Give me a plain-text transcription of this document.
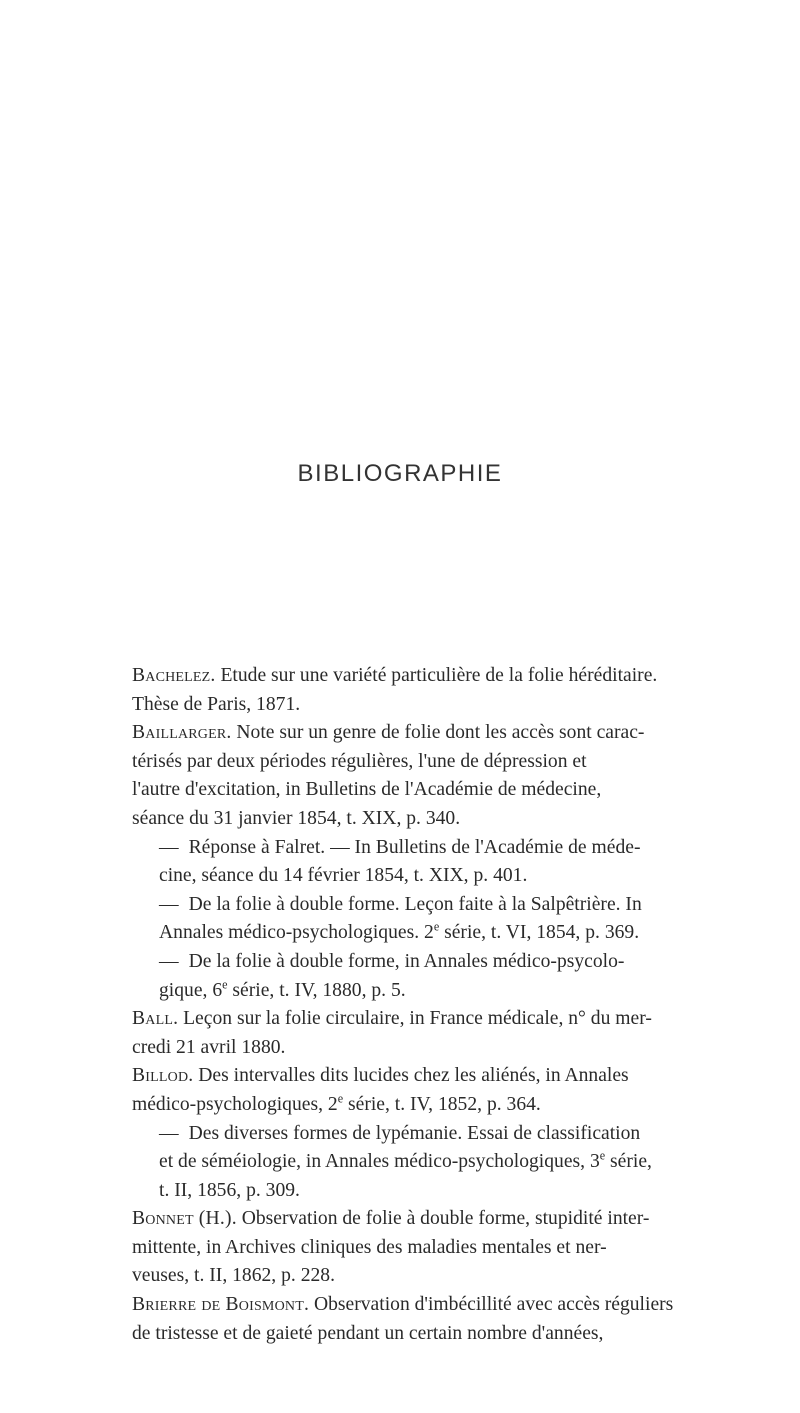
BIBLIOGRAPHIE

Bachelez. Etude sur une variété particulière de la folie héréditaire.
Thèse de Paris, 1871.

Baillarger. Note sur un genre de folie dont les accès sont carac-
térisés par deux périodes régulières, l'une de dépression et
l'autre d'excitation, in Bulletins de l'Académie de médecine,
séance du 31 janvier 1854, t. XIX, p. 340.

— Réponse à Falret. — In Bulletins de l'Académie de méde-
cine, séance du 14 février 1854, t. XIX, p. 401.

— De la folie à double forme. Leçon faite à la Salpêtrière. In
Annales médico-psychologiques. 2e série, t. VI, 1854, p. 369.

— De la folie à double forme, in Annales médico-psycolo-
gique, 6e série, t. IV, 1880, p. 5.

Ball. Leçon sur la folie circulaire, in France médicale, n° du mer-
credi 21 avril 1880.

Billod. Des intervalles dits lucides chez les aliénés, in Annales
médico-psychologiques, 2e série, t. IV, 1852, p. 364.

— Des diverses formes de lypémanie. Essai de classification
et de séméiologie, in Annales médico-psychologiques, 3e série,
t. II, 1856, p. 309.

Bonnet (H.). Observation de folie à double forme, stupidité inter-
mittente, in Archives cliniques des maladies mentales et ner-
veuses, t. II, 1862, p. 228.

Brierre de Boismont. Observation d'imbécillité avec accès réguliers
de tristesse et de gaieté pendant un certain nombre d'années,
